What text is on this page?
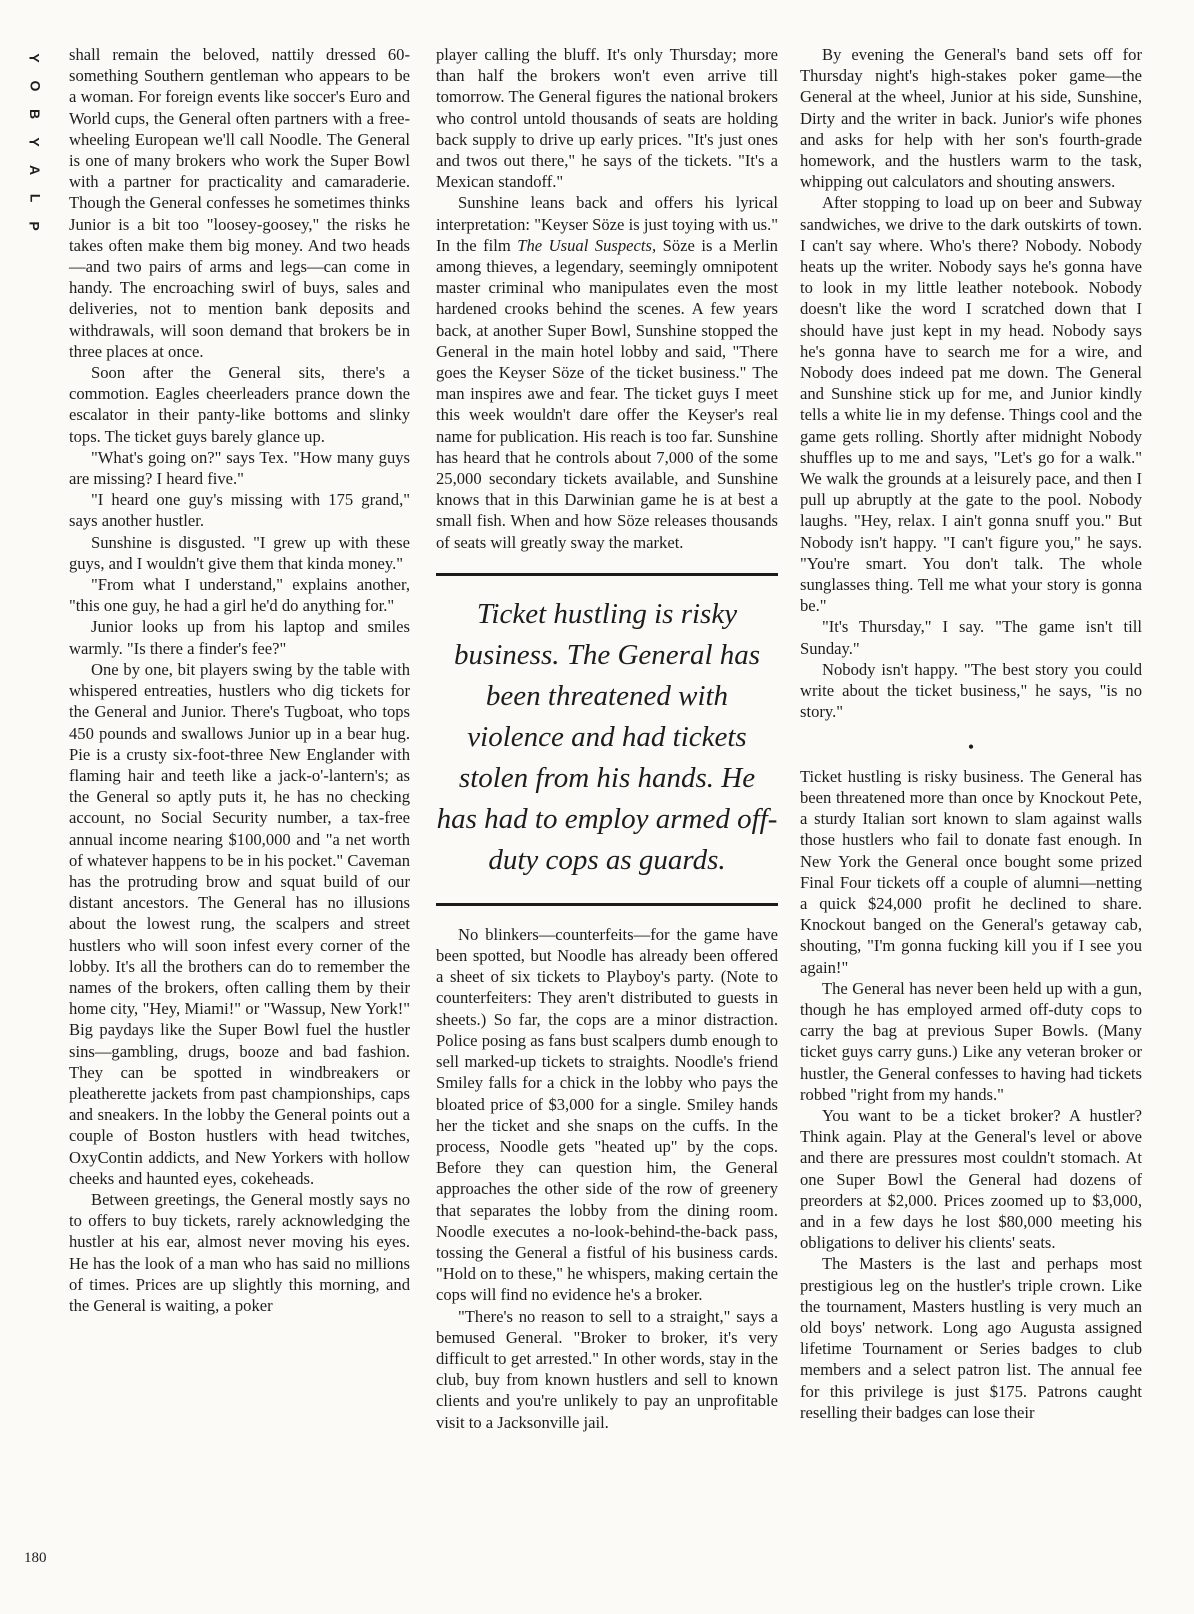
Y
O
B
Y
A
L
P

shall remain the beloved, nattily dressed 60-something Southern gentleman who appears to be a woman. For foreign events like soccer's Euro and World cups, the General often partners with a free-wheeling European we'll call Noodle. The General is one of many brokers who work the Super Bowl with a partner for practicality and camaraderie. Though the General confesses he sometimes thinks Junior is a bit too "loosey-goosey," the risks he takes often make them big money. And two heads—and two pairs of arms and legs—can come in handy. The encroaching swirl of buys, sales and deliveries, not to mention bank deposits and withdrawals, will soon demand that brokers be in three places at once.

Soon after the General sits, there's a commotion. Eagles cheerleaders prance down the escalator in their panty-like bottoms and slinky tops. The ticket guys barely glance up.

"What's going on?" says Tex. "How many guys are missing? I heard five."

"I heard one guy's missing with 175 grand," says another hustler.

Sunshine is disgusted. "I grew up with these guys, and I wouldn't give them that kinda money."

"From what I understand," explains another, "this one guy, he had a girl he'd do anything for."

Junior looks up from his laptop and smiles warmly. "Is there a finder's fee?"

One by one, bit players swing by the table with whispered entreaties, hustlers who dig tickets for the General and Junior. There's Tugboat, who tops 450 pounds and swallows Junior up in a bear hug. Pie is a crusty six-foot-three New Englander with flaming hair and teeth like a jack-o'-lantern's; as the General so aptly puts it, he has no checking account, no Social Security number, a tax-free annual income nearing $100,000 and "a net worth of whatever happens to be in his pocket." Caveman has the protruding brow and squat build of our distant ancestors. The General has no illusions about the lowest rung, the scalpers and street hustlers who will soon infest every corner of the lobby. It's all the brothers can do to remember the names of the brokers, often calling them by their home city, "Hey, Miami!" or "Wassup, New York!" Big paydays like the Super Bowl fuel the hustler sins—gambling, drugs, booze and bad fashion. They can be spotted in windbreakers or pleatherette jackets from past championships, caps and sneakers. In the lobby the General points out a couple of Boston hustlers with head twitches, OxyContin addicts, and New Yorkers with hollow cheeks and haunted eyes, cokeheads.

Between greetings, the General mostly says no to offers to buy tickets, rarely acknowledging the hustler at his ear, almost never moving his eyes. He has the look of a man who has said no millions of times. Prices are up slightly this morning, and the General is waiting, a poker

player calling the bluff. It's only Thursday; more than half the brokers won't even arrive till tomorrow. The General figures the national brokers who control untold thousands of seats are holding back supply to drive up early prices. "It's just ones and twos out there," he says of the tickets. "It's a Mexican standoff."

Sunshine leans back and offers his lyrical interpretation: "Keyser Söze is just toying with us." In the film The Usual Suspects, Söze is a Merlin among thieves, a legendary, seemingly omnipotent master criminal who manipulates even the most hardened crooks behind the scenes. A few years back, at another Super Bowl, Sunshine stopped the General in the main hotel lobby and said, "There goes the Keyser Söze of the ticket business." The man inspires awe and fear. The ticket guys I meet this week wouldn't dare offer the Keyser's real name for publication. His reach is too far. Sunshine has heard that he controls about 7,000 of the some 25,000 secondary tickets available, and Sunshine knows that in this Darwinian game he is at best a small fish. When and how Söze releases thousands of seats will greatly sway the market.

Ticket hustling is risky business. The General has been threatened with violence and had tickets stolen from his hands. He has had to employ armed off-duty cops as guards.

No blinkers—counterfeits—for the game have been spotted, but Noodle has already been offered a sheet of six tickets to Playboy's party. (Note to counterfeiters: They aren't distributed to guests in sheets.) So far, the cops are a minor distraction. Police posing as fans bust scalpers dumb enough to sell marked-up tickets to straights. Noodle's friend Smiley falls for a chick in the lobby who pays the bloated price of $3,000 for a single. Smiley hands her the ticket and she snaps on the cuffs. In the process, Noodle gets "heated up" by the cops. Before they can question him, the General approaches the other side of the row of greenery that separates the lobby from the dining room. Noodle executes a no-look-behind-the-back pass, tossing the General a fistful of his business cards. "Hold on to these," he whispers, making certain the cops will find no evidence he's a broker.

"There's no reason to sell to a straight," says a bemused General. "Broker to broker, it's very difficult to get arrested." In other words, stay in the club, buy from known hustlers and sell to known clients and you're unlikely to pay an unprofitable visit to a Jacksonville jail.

By evening the General's band sets off for Thursday night's high-stakes poker game—the General at the wheel, Junior at his side, Sunshine, Dirty and the writer in back. Junior's wife phones and asks for help with her son's fourth-grade homework, and the hustlers warm to the task, whipping out calculators and shouting answers.

After stopping to load up on beer and Subway sandwiches, we drive to the dark outskirts of town. I can't say where. Who's there? Nobody. Nobody heats up the writer. Nobody says he's gonna have to look in my little leather notebook. Nobody doesn't like the word I scratched down that I should have just kept in my head. Nobody says he's gonna have to search me for a wire, and Nobody does indeed pat me down. The General and Sunshine stick up for me, and Junior kindly tells a white lie in my defense. Things cool and the game gets rolling. Shortly after midnight Nobody shuffles up to me and says, "Let's go for a walk." We walk the grounds at a leisurely pace, and then I pull up abruptly at the gate to the pool. Nobody laughs. "Hey, relax. I ain't gonna snuff you." But Nobody isn't happy. "I can't figure you," he says. "You're smart. You don't talk. The whole sunglasses thing. Tell me what your story is gonna be."

"It's Thursday," I say. "The game isn't till Sunday."

Nobody isn't happy. "The best story you could write about the ticket business," he says, "is no story."

•

Ticket hustling is risky business. The General has been threatened more than once by Knockout Pete, a sturdy Italian sort known to slam against walls those hustlers who fail to donate fast enough. In New York the General once bought some prized Final Four tickets off a couple of alumni—netting a quick $24,000 profit he declined to share. Knockout banged on the General's getaway cab, shouting, "I'm gonna fucking kill you if I see you again!"

The General has never been held up with a gun, though he has employed armed off-duty cops to carry the bag at previous Super Bowls. (Many ticket guys carry guns.) Like any veteran broker or hustler, the General confesses to having had tickets robbed "right from my hands."

You want to be a ticket broker? A hustler? Think again. Play at the General's level or above and there are pressures most couldn't stomach. At one Super Bowl the General had dozens of preorders at $2,000. Prices zoomed up to $3,000, and in a few days he lost $80,000 meeting his obligations to deliver his clients' seats.

The Masters is the last and perhaps most prestigious leg on the hustler's triple crown. Like the tournament, Masters hustling is very much an old boys' network. Long ago Augusta assigned lifetime Tournament or Series badges to club members and a select patron list. The annual fee for this privilege is just $175. Patrons caught reselling their badges can lose their

180
